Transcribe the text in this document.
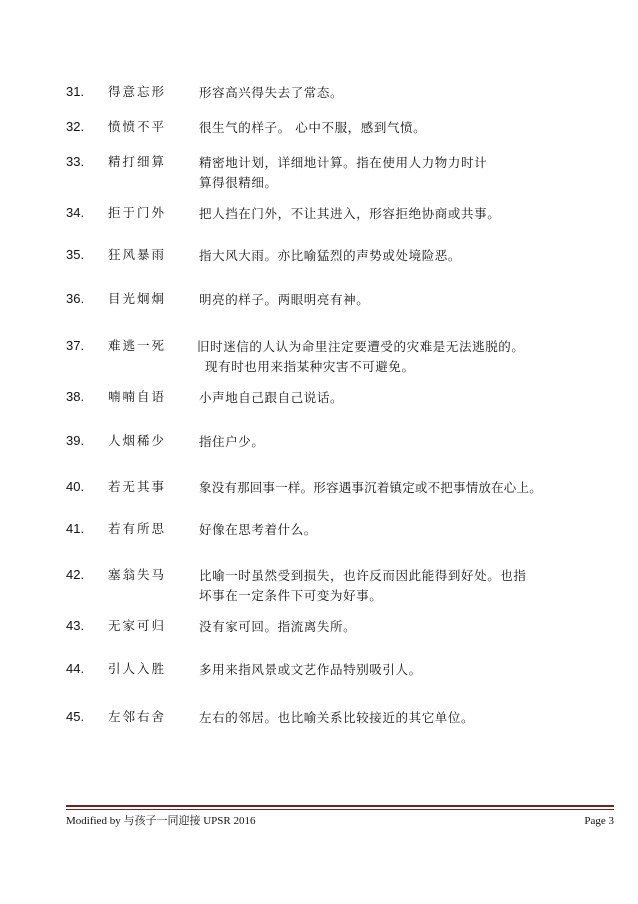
31.	得意忘形	形容高兴得失去了常态。
32.	愤愤不平	很生气的样子。 心中不服，感到气愤。
33.	精打细算	精密地计划，详细地计算。指在使用人力物力时计
算得很精细。
34.	拒于门外	把人挡在门外，不让其进入，形容拒绝协商或共事。
35.	狂风暴雨	指大风大雨。亦比喻猛烈的声势或处境险恶。
36.	目光炯炯	明亮的样子。两眼明亮有神。
37.	难逃一死	旧时迷信的人认为命里注定要遭受的灾难是无法逃脱的。
现有时也用来指某种灾害不可避免。
38.	喃喃自语	小声地自己跟自己说话。
39.	人烟稀少	指住户少。
40.	若无其事	象没有那回事一样。形容遇事沉着镇定或不把事情放在心上。
41.	若有所思	好像在思考着什么。
42.	塞翁失马	比喻一时虽然受到损失，也许反而因此能得到好处。也指
坏事在一定条件下可变为好事。
43.	无家可归	没有家可回。指流离失所。
44.	引人入胜	多用来指风景或文艺作品特别吸引人。
45.	左邻右舍	左右的邻居。也比喻关系比较接近的其它单位。
Modified by 与孩子一同迎接 UPSR 2016	Page 3
